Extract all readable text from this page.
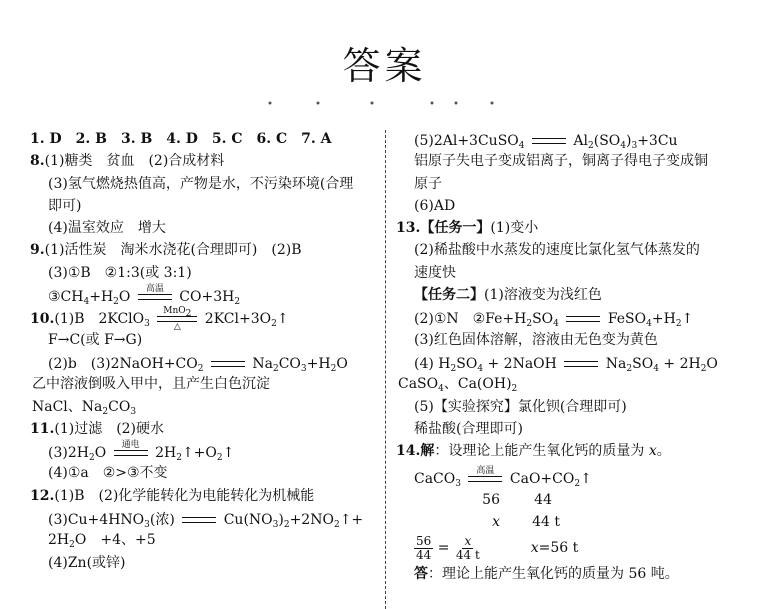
答案
1. D　2. B　3. B　4. D　5. C　6. C　7. A
8.(1)糖类　贫血　(2)合成材料
(3)氢气燃烧热值高，产物是水，不污染环境(合理
即可)
(4)温室效应　增大
9.(1)活性炭　淘米水浇花(合理即可)　(2)B
(3)①B　②1:3(或 3:1)
$③CH_4+H_2O$ 高温 $CO+3H_2$
10.(1)B　2KClO$_3$
MnO$_2$
△ $2KCl+3O_2↑$
F→C(或 F→G)
(2)b　$(3)2NaOH+CO_2$	$Na_2CO_3+H_2O$
乙中溶液倒吸入甲中，且产生白色沉淀
NaCl、$Na_2CO_3$
11.(1)过滤　(2)硬水
$(3)2H_2O$ 通电 $2H_2↑+O_2↑$
(4)①a　②>③不变
12.(1)B　(2)化学能转化为电能转化为机械能
$(3)Cu+4HNO_3$(浓)	$Cu(NO_3)_2+2NO_2↑+$
$2H_2O$　+4、+5
(4)Zn(或锌)
(5)2Al+3CuSO$_4$	$Al_2(SO_4)_3+3Cu$
铝原子失电子变成铝离子，铜离子得电子变成铜
原子
(6)AD
13.【任务一】(1)变小
(2)稀盐酸中水蒸发的速度比氯化氢气体蒸发的
速度快
【任务二】(1)溶液变为浅红色
(2)①N　$②Fe+H_2SO_4$	$FeSO_4+H_2↑$
(3)红色固体溶解，溶液由无色变为黄色
(4) $H_2SO_4$ + 2NaOH	$Na_2SO_4 + 2H_2O$
CaSO$_4$、$Ca(OH)_2$
(5)【实验探究】氯化钡(合理即可)
稀盐酸(合理即可)
14.解：设理论上能产生氧化钙的质量为 x。
CaCO$_3$
高温 $CaO+CO_2↑$
56 44
x 44 t
$\frac{56}{44} = \frac{x}{44 t}$	x=56 t
答：理论上能产生氧化钙的质量为 56 吨。
